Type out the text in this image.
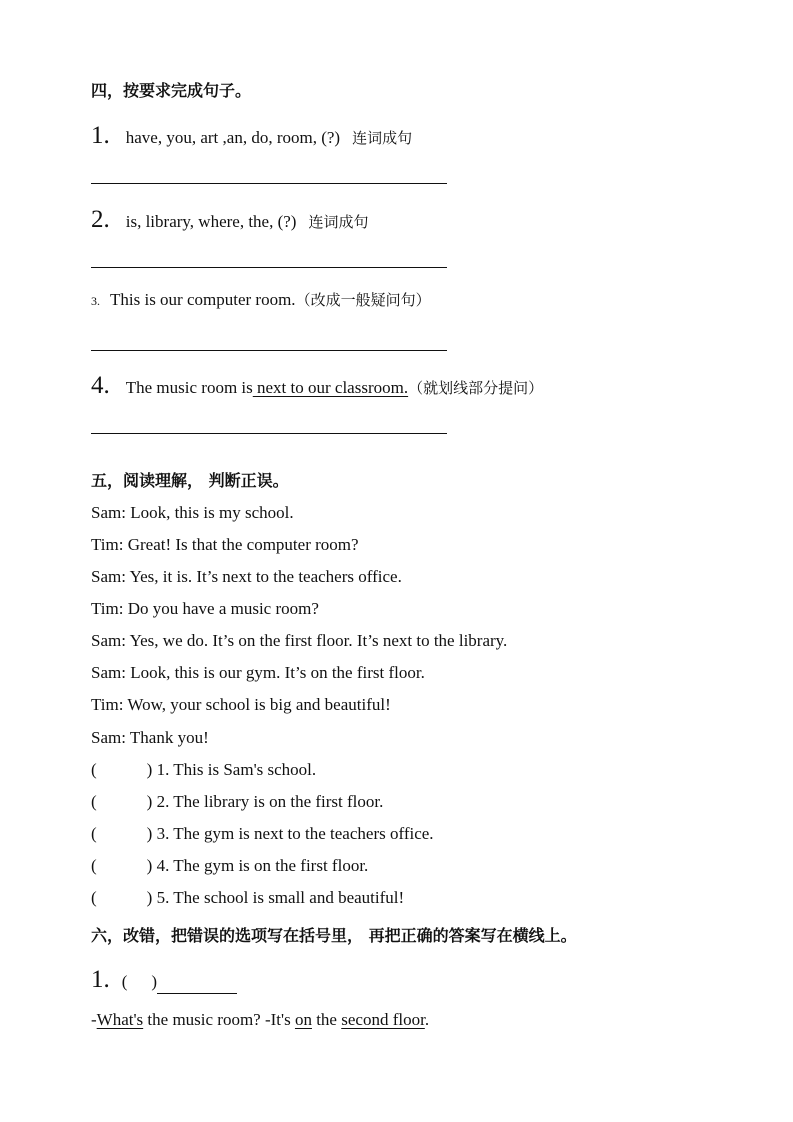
四，按要求完成句子。
1. have, you, art ,an, do, room, (?) 连词成句
2. is, library, where, the, (?) 连词成句
3. This is our computer room.（改成一般疑问句）
4. The music room is next to our classroom.（就划线部分提问）
五，阅读理解， 判断正误。
Sam: Look, this is my school.
Tim: Great! Is that the computer room?
Sam: Yes, it is. It’s next to the teachers office.
Tim: Do you have a music room?
Sam: Yes, we do. It’s on the first floor. It’s next to the library.
Sam: Look, this is our gym. It’s on the first floor.
Tim: Wow, your school is big and beautiful!
Sam: Thank you!
(	) 1. This is Sam's school.
(	) 2. The library is on the first floor.
(	) 3. The gym is next to the teachers office.
(	) 4. The gym is on the first floor.
(	) 5. The school is small and beautiful!
六，改错，把错误的选项写在括号里， 再把正确的答案写在横线上。
1. ( )
-What's the music room? -It's on the second floor.
